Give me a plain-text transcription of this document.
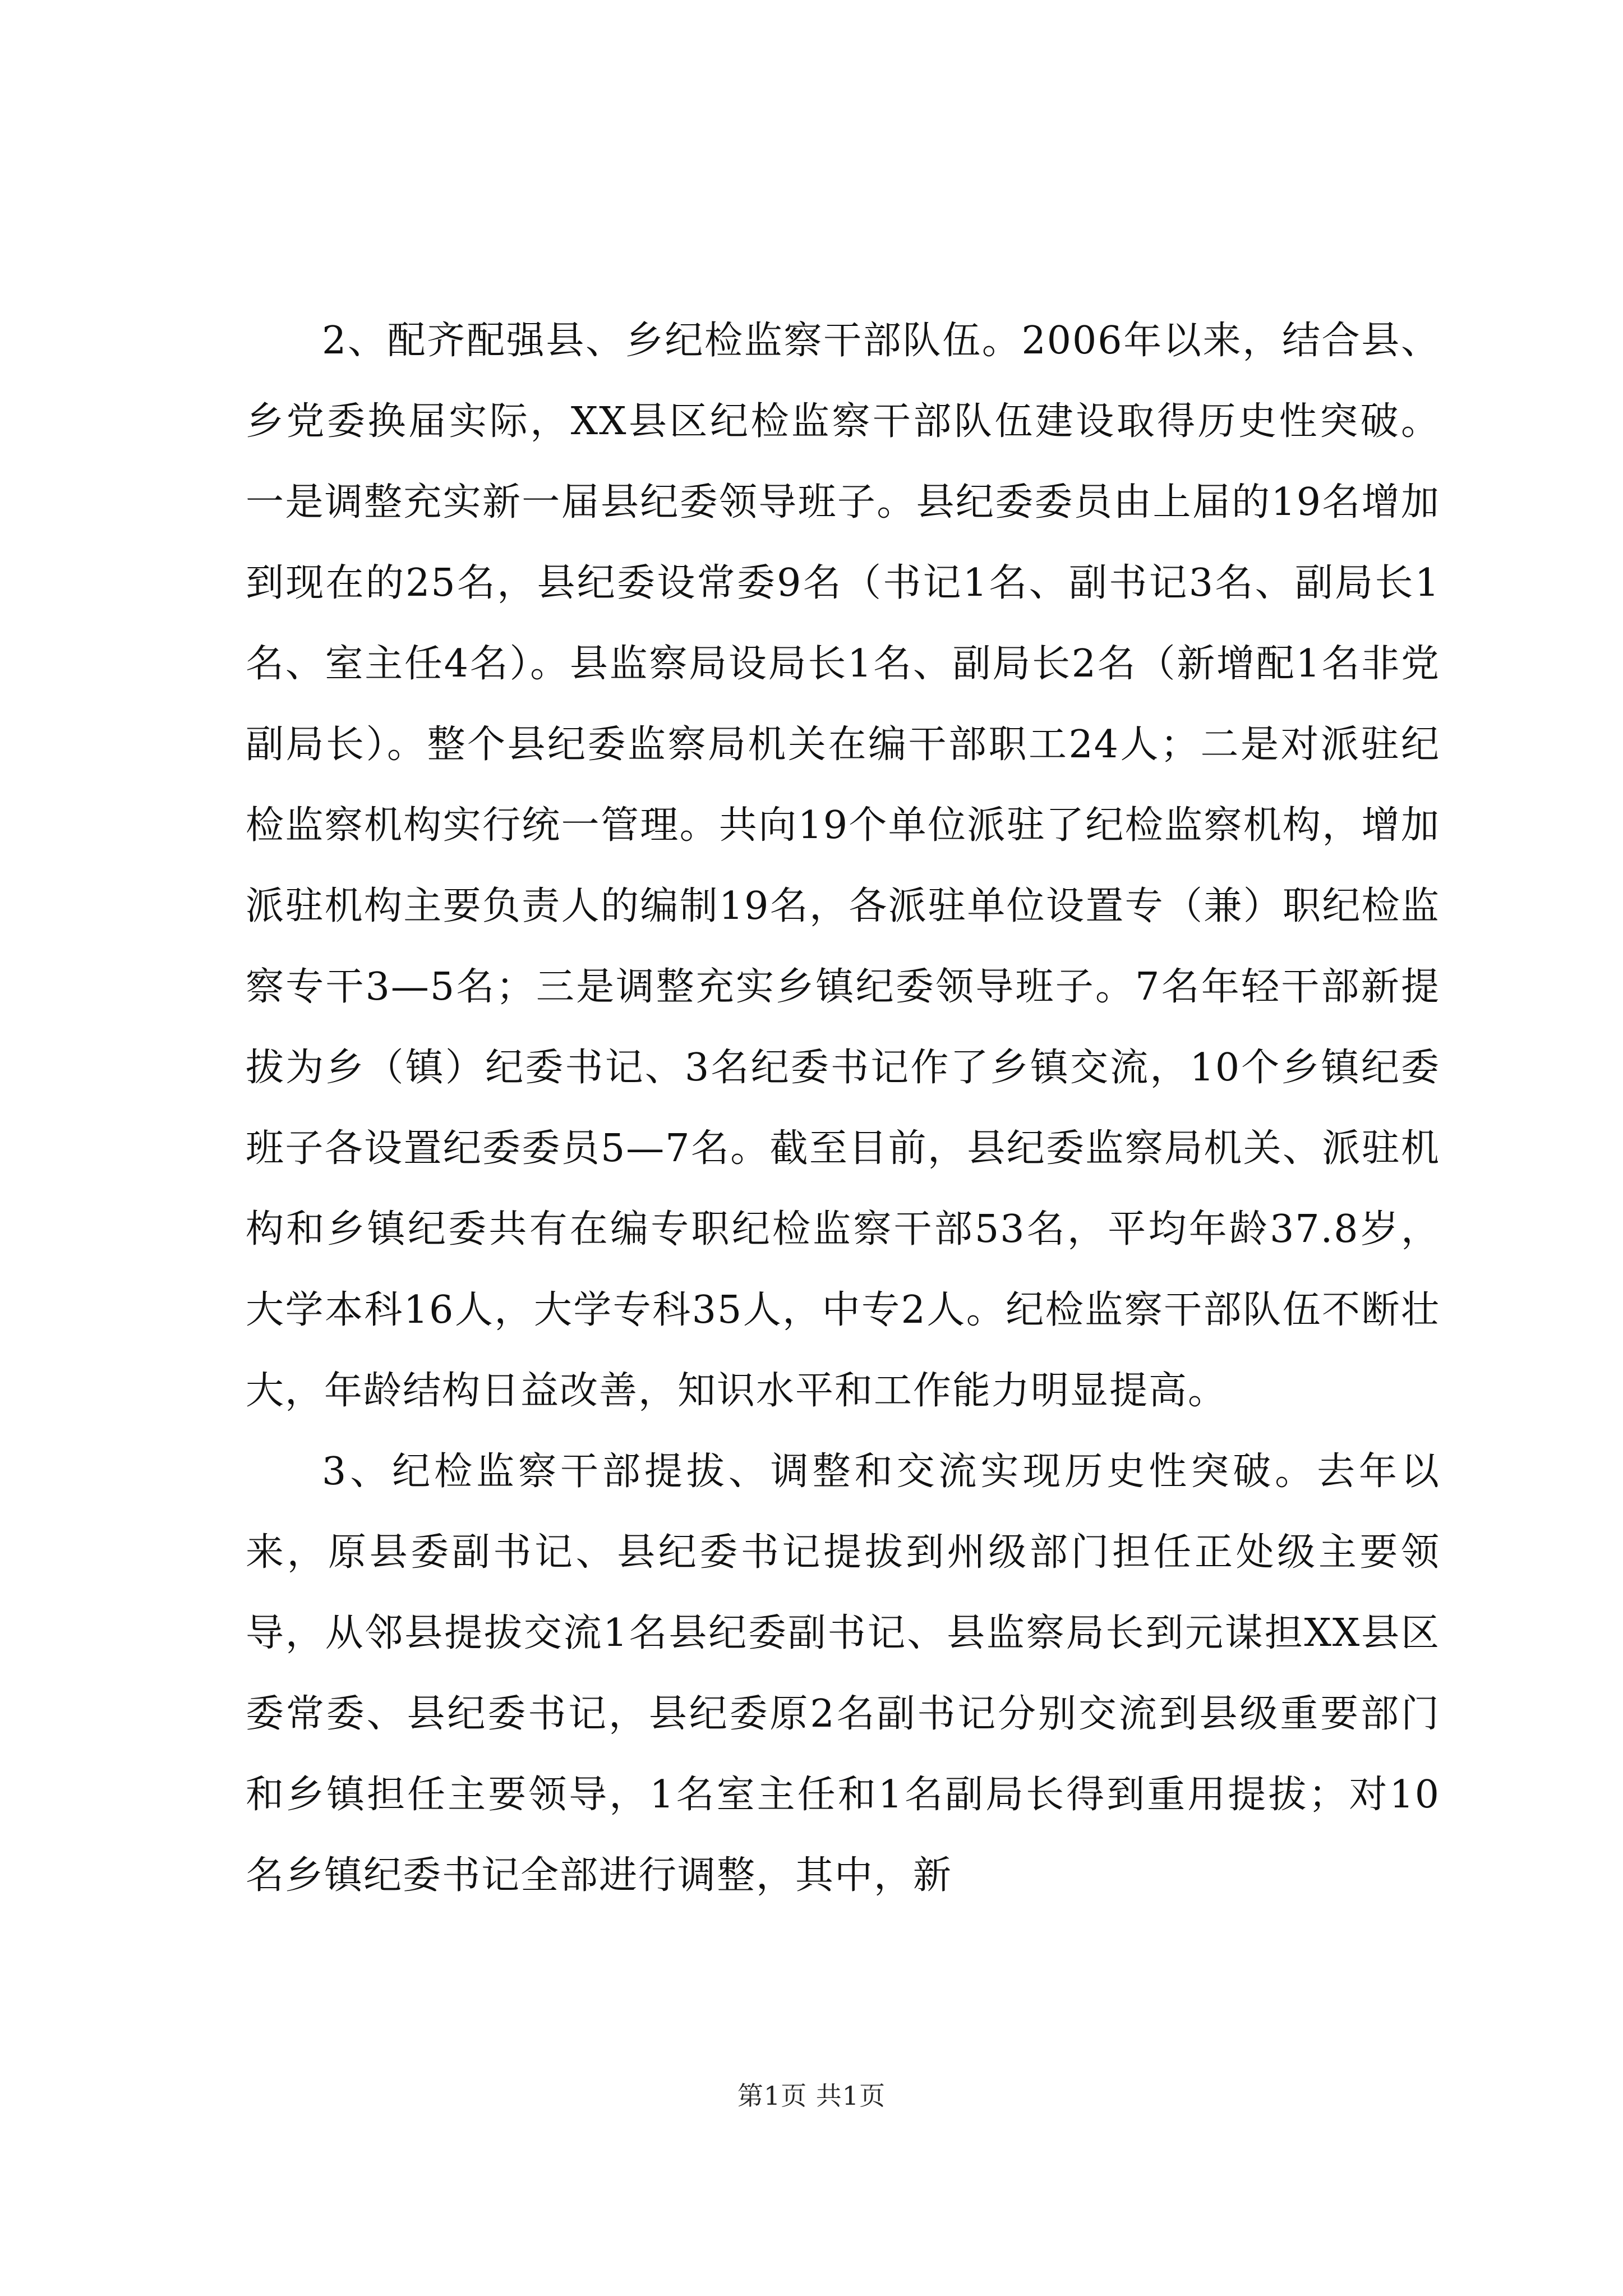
2、配齐配强县、乡纪检监察干部队伍。2006年以来，结合县、乡党委换届实际，XX县区纪检监察干部队伍建设取得历史性突破。一是调整充实新一届县纪委领导班子。县纪委委员由上届的19名增加到现在的25名，县纪委设常委9名（书记1名、副书记3名、副局长1名、室主任4名）。县监察局设局长1名、副局长2名（新增配1名非党副局长）。整个县纪委监察局机关在编干部职工24人；二是对派驻纪检监察机构实行统一管理。共向19个单位派驻了纪检监察机构，增加派驻机构主要负责人的编制19名，各派驻单位设置专（兼）职纪检监察专干3—5名；三是调整充实乡镇纪委领导班子。7名年轻干部新提拔为乡（镇）纪委书记、3名纪委书记作了乡镇交流，10个乡镇纪委班子各设置纪委委员5—7名。截至目前，县纪委监察局机关、派驻机构和乡镇纪委共有在编专职纪检监察干部53名，平均年龄37.8岁，大学本科16人，大学专科35人，中专2人。纪检监察干部队伍不断壮大，年龄结构日益改善，知识水平和工作能力明显提高。

3、纪检监察干部提拔、调整和交流实现历史性突破。去年以来，原县委副书记、县纪委书记提拔到州级部门担任正处级主要领导，从邻县提拔交流1名县纪委副书记、县监察局长到元谋担XX县区委常委、县纪委书记，县纪委原2名副书记分别交流到县级重要部门和乡镇担任主要领导，1名室主任和1名副局长得到重用提拔；对10名乡镇纪委书记全部进行调整，其中，新

第1页 共1页
